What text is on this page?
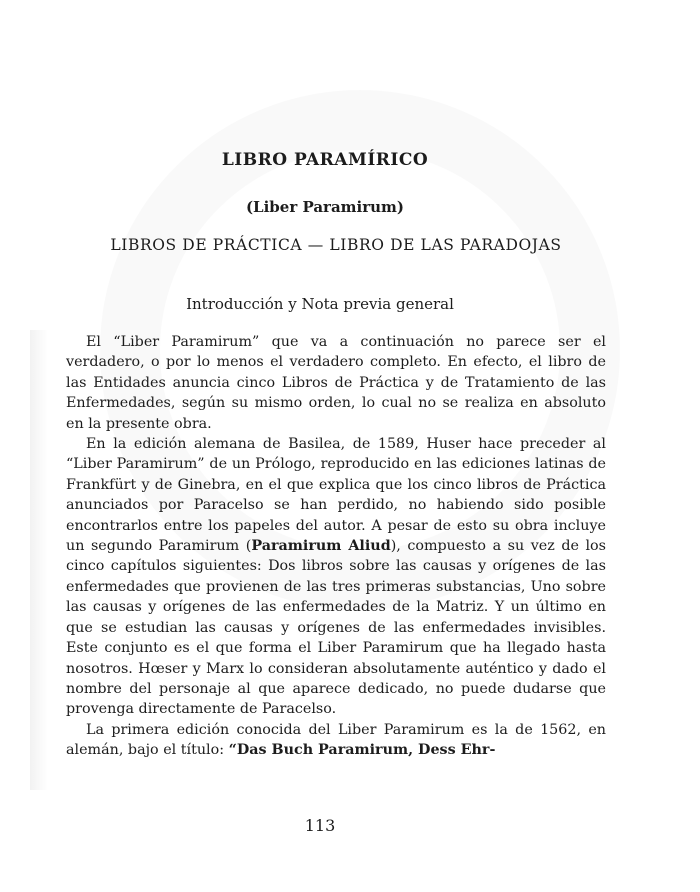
LIBRO PARAMÍRICO
(Liber Paramirum)
LIBROS DE PRÁCTICA — LIBRO DE LAS PARADOJAS
Introducción y Nota previa general

El “Liber Paramirum” que va a continuación no parece ser el verdadero, o por lo menos el verdadero completo. En efecto, el libro de las Entidades anuncia cinco Libros de Práctica y de Tratamiento de las Enfermedades, según su mismo orden, lo cual no se realiza en absoluto en la presente obra.

En la edición alemana de Basilea, de 1589, Huser hace preceder al “Liber Paramirum” de un Prólogo, reproducido en las ediciones latinas de Frankfürt y de Ginebra, en el que explica que los cinco libros de Práctica anunciados por Paracelso se han perdido, no habiendo sido posible encontrarlos entre los papeles del autor. A pesar de esto su obra incluye un segundo Paramirum (Paramirum Aliud), compuesto a su vez de los cinco capítulos siguientes: Dos libros sobre las causas y orígenes de las enfermedades que provienen de las tres primeras substancias, Uno sobre las causas y orígenes de las enfermedades de la Matriz. Y un último en que se estudian las causas y orígenes de las enfermedades invisibles. Este conjunto es el que forma el Liber Paramirum que ha llegado hasta nosotros. Hœser y Marx lo consideran absolutamente auténtico y dado el nombre del personaje al que aparece dedicado, no puede dudarse que provenga directamente de Paracelso.

La primera edición conocida del Liber Paramirum es la de 1562, en alemán, bajo el título: “Das Buch Paramirum, Dess Ehr-

113
